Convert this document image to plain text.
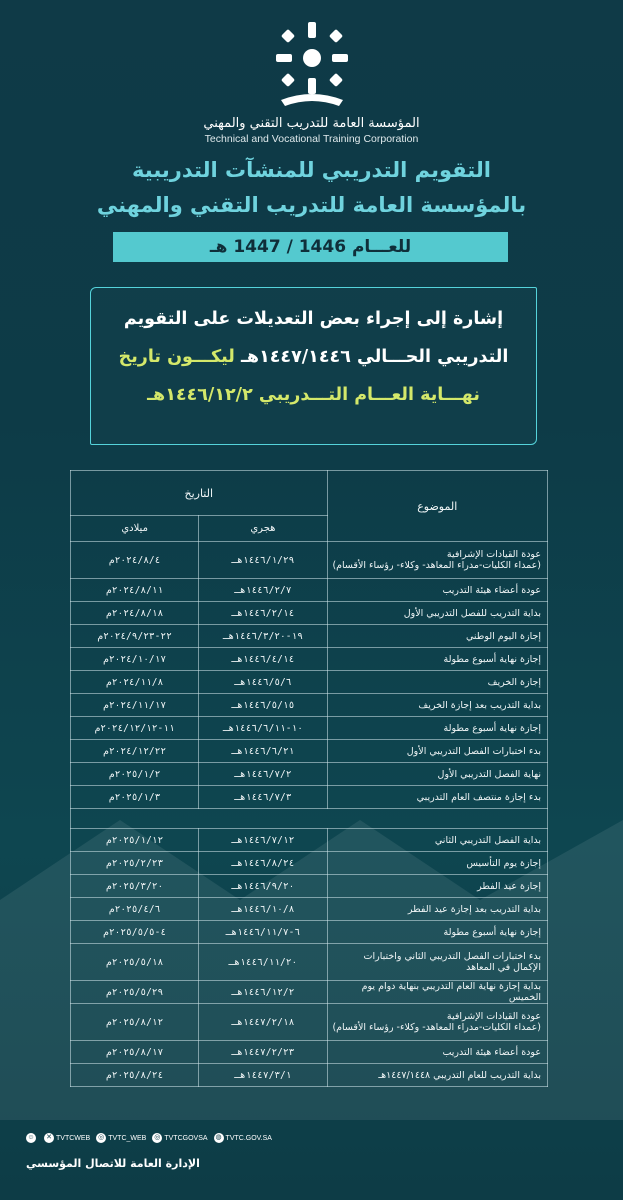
المؤسسة العامة للتدريب التقني والمهني
Technical and Vocational Training Corporation
التقويم التدريبي للمنشآت التدريبية
بالمؤسسة العامة للتدريب التقني والمهني
للعـــام 1446 / 1447 هـ
إشارة إلى إجراء بعض التعديلات على التقويم
التدريبي الحـــالي ١٤٤٧/١٤٤٦هـ ليكـــون تاريخ
نهـــاية العـــام التـــدريبي ١٤٤٦/١٢/٢هـ
الموضوع	التاريخ	
	هجري	ميلادي

عودة القيادات الإشرافية
(عمداء الكليات-مدراء المعاهد- وكلاء- رؤساء الأقسام)	١٤٤٦/١/٢٩هـ	٢٠٢٤/٨/٤م

عودة أعضاء هيئة التدريب	١٤٤٦/٢/٧هـ	٢٠٢٤/٨/١١م

بداية التدريب للفصل التدريبي الأول	١٤٤٦/٢/١٤هـ	٢٠٢٤/٨/١٨م

إجازة اليوم الوطني	١٩-١٤٤٦/٣/٢٠هـ	٢٢-٢٠٢٤/٩/٢٣م

إجازة نهاية أسبوع مطولة	١٤٤٦/٤/١٤هـ	٢٠٢٤/١٠/١٧م

إجازة الخريف	١٤٤٦/٥/٦هـ	٢٠٢٤/١١/٨م

بداية التدريب بعد إجازة الخريف	١٤٤٦/٥/١٥هـ	٢٠٢٤/١١/١٧م

إجازة نهاية أسبوع مطولة	١٠-١٤٤٦/٦/١١هـ	١١-٢٠٢٤/١٢/١٢م

بدء اختبارات الفصل التدريبي الأول	١٤٤٦/٦/٢١هـ	٢٠٢٤/١٢/٢٢م

نهاية الفصل التدريبي الأول	١٤٤٦/٧/٢هـ	٢٠٢٥/١/٢م

بدء إجازة منتصف العام التدريبي	١٤٤٦/٧/٣هـ	٢٠٢٥/١/٣م

بداية الفصل التدريبي الثاني	١٤٤٦/٧/١٢هـ	٢٠٢٥/١/١٢م

إجازة يوم التأسيس	١٤٤٦/٨/٢٤هـ	٢٠٢٥/٢/٢٣م

إجازة عيد الفطر	١٤٤٦/٩/٢٠هـ	٢٠٢٥/٣/٢٠م

بداية التدريب بعد إجازة عيد الفطر	١٤٤٦/١٠/٨هـ	٢٠٢٥/٤/٦م

إجازة نهاية أسبوع مطولة	٦-١٤٤٦/١١/٧هـ	٤-٢٠٢٥/٥/٥م

بدء اختبارات الفصل التدريبي الثاني واختبارات
الإكمال في المعاهد	١٤٤٦/١١/٢٠هـ	٢٠٢٥/٥/١٨م

بداية إجازة نهاية العام التدريبي بنهاية دوام يوم الخميس	١٤٤٦/١٢/٢هـ	٢٠٢٥/٥/٢٩م

عودة القيادات الإشرافية
(عمداء الكليات-مدراء المعاهد- وكلاء- رؤساء الأقسام)	١٤٤٧/٢/١٨هـ	٢٠٢٥/٨/١٢م

عودة أعضاء هيئة التدريب	١٤٤٧/٢/٢٣هـ	٢٠٢٥/٨/١٧م

بداية التدريب للعام التدريبي ١٤٤٧/١٤٤٨هـ	١٤٤٧/٣/١هـ	٢٠٢٥/٨/٢٤م
◍ TVTC.GOV.SA
◎ TVTCGOVSA
◎ TVTC_WEB
✕ TVTCWEB
☺
الإدارة العامة للاتصال المؤسسي
